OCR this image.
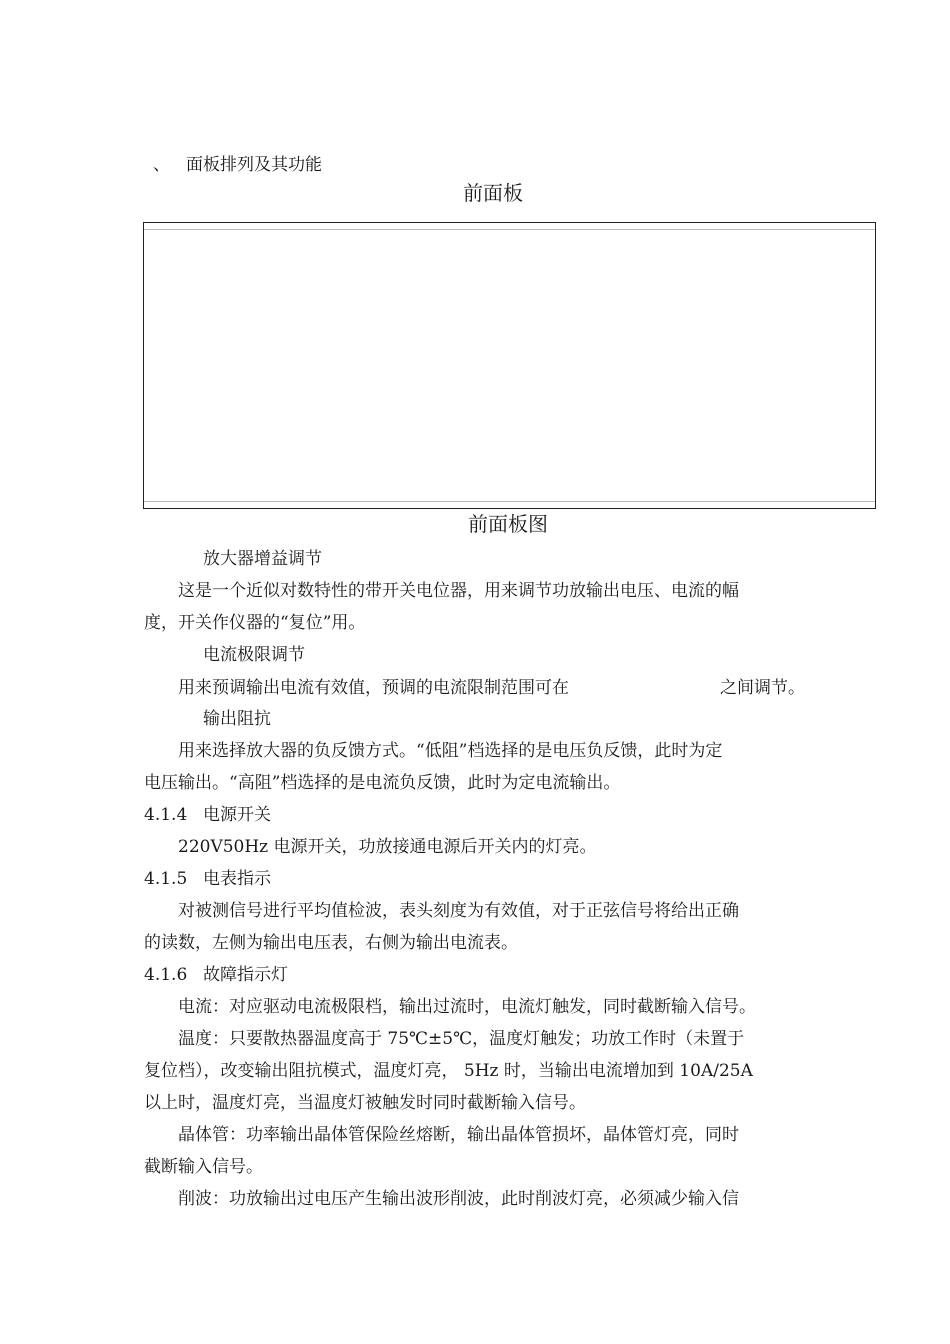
、 面板排列及其功能
前面板
前面板图
放大器增益调节
这是一个近似对数特性的带开关电位器，用来调节功放输出电压、电流的幅
度，开关作仪器的“复位”用。
电流极限调节
用来预调输出电流有效值，预调的电流限制范围可在	之间调节。
输出阻抗
用来选择放大器的负反馈方式。“低阻”档选择的是电压负反馈，此时为定
电压输出。“高阻”档选择的是电流负反馈，此时为定电流输出。
4.1.4 电源开关
220V50Hz 电源开关，功放接通电源后开关内的灯亮。
4.1.5 电表指示
对被测信号进行平均值检波，表头刻度为有效值，对于正弦信号将给出正确
的读数，左侧为输出电压表，右侧为输出电流表。
4.1.6 故障指示灯
电流：对应驱动电流极限档，输出过流时，电流灯触发，同时截断输入信号。
温度：只要散热器温度高于 75℃±5℃，温度灯触发；功放工作时（未置于
复位档），改变输出阻抗模式，温度灯亮， 5Hz 时，当输出电流增加到 10A/25A
以上时，温度灯亮，当温度灯被触发时同时截断输入信号。
晶体管：功率输出晶体管保险丝熔断，输出晶体管损坏，晶体管灯亮，同时
截断输入信号。
削波：功放输出过电压产生输出波形削波，此时削波灯亮，必须减少输入信
